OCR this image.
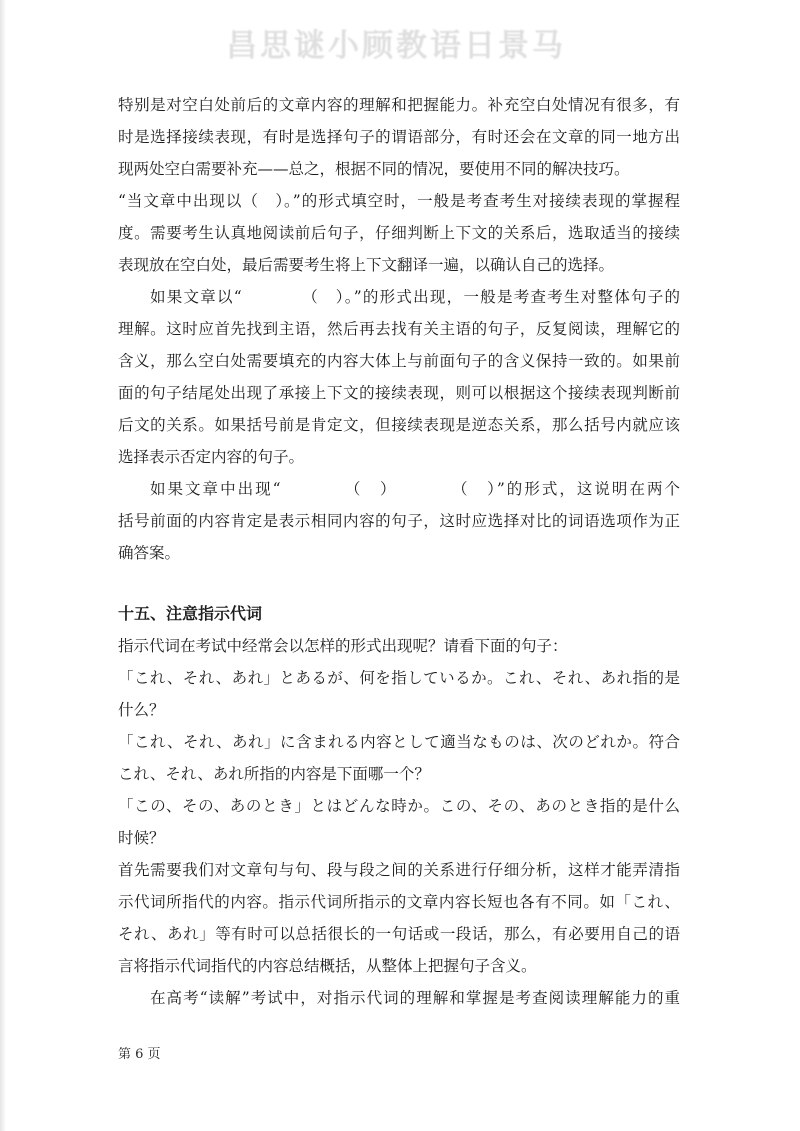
昌思谜小顾教语日景马
特别是对空白处前后的文章内容的理解和把握能力。补充空白处情况有很多，有
时是选择接续表现，有时是选择句子的谓语部分，有时还会在文章的同一地方出
现两处空白需要补充——总之，根据不同的情况，要使用不同的解决技巧。
“当文章中出现以（　）。”的形式填空时，一般是考查考生对接续表现的掌握程
度。需要考生认真地阅读前后句子，仔细判断上下文的关系后，选取适当的接续
表现放在空白处，最后需要考生将上下文翻译一遍，以确认自己的选择。
如果文章以“　　　　（　）。”的形式出现，一般是考查考生对整体句子的
理解。这时应首先找到主语，然后再去找有关主语的句子，反复阅读，理解它的
含义，那么空白处需要填充的内容大体上与前面句子的含义保持一致的。如果前
面的句子结尾处出现了承接上下文的接续表现，则可以根据这个接续表现判断前
后文的关系。如果括号前是肯定文，但接续表现是逆态关系，那么括号内就应该
选择表示否定内容的句子。
如果文章中出现“　　　　（　）　　　　（　）”的形式，这说明在两个
括号前面的内容肯定是表示相同内容的句子，这时应选择对比的词语选项作为正
确答案。
十五、注意指示代词
指示代词在考试中经常会以怎样的形式出现呢？请看下面的句子：
「これ、それ、あれ」とあるが、何を指しているか。これ、それ、あれ指的是
什么？
「これ、それ、あれ」に含まれる内容として適当なものは、次のどれか。符合
これ、それ、あれ所指的内容是下面哪一个？
「この、その、あのとき」とはどんな時か。この、その、あのとき指的是什么
时候？
首先需要我们对文章句与句、段与段之间的关系进行仔细分析，这样才能弄清指
示代词所指代的内容。指示代词所指示的文章内容长短也各有不同。如「これ、
それ、あれ」等有时可以总括很长的一句话或一段话，那么，有必要用自己的语
言将指示代词指代的内容总结概括，从整体上把握句子含义。
在高考“读解”考试中，对指示代词的理解和掌握是考查阅读理解能力的重
第 6 页
